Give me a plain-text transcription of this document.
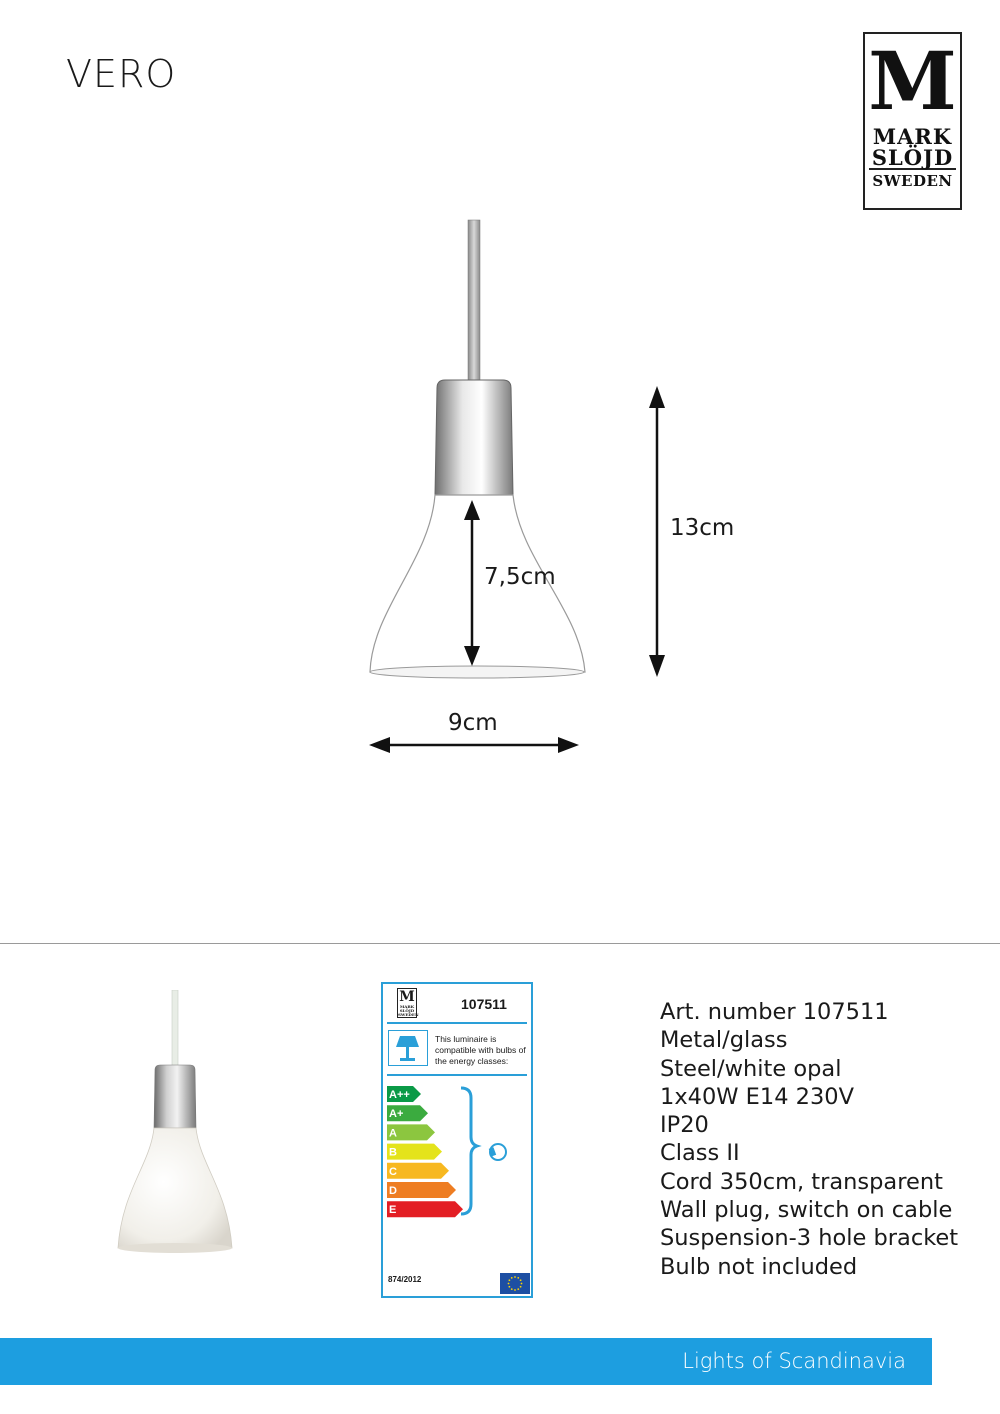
VERO	M
MARK
SLÖJD
SWEDEN
13cm
7,5cm
9cm
M
MARK
SLÖJD
SWEDEN
107511
This luminaire is compatible with bulbs of the energy classes:
A++
A+
A
B
C
D
E
874/2012
Art. number 107511
Metal/glass
Steel/white opal
1x40W E14 230V
IP20
Class II
Cord 350cm, transparent
Wall plug, switch on cable
Suspension-3 hole bracket
Bulb not included
Lights of Scandinavia
